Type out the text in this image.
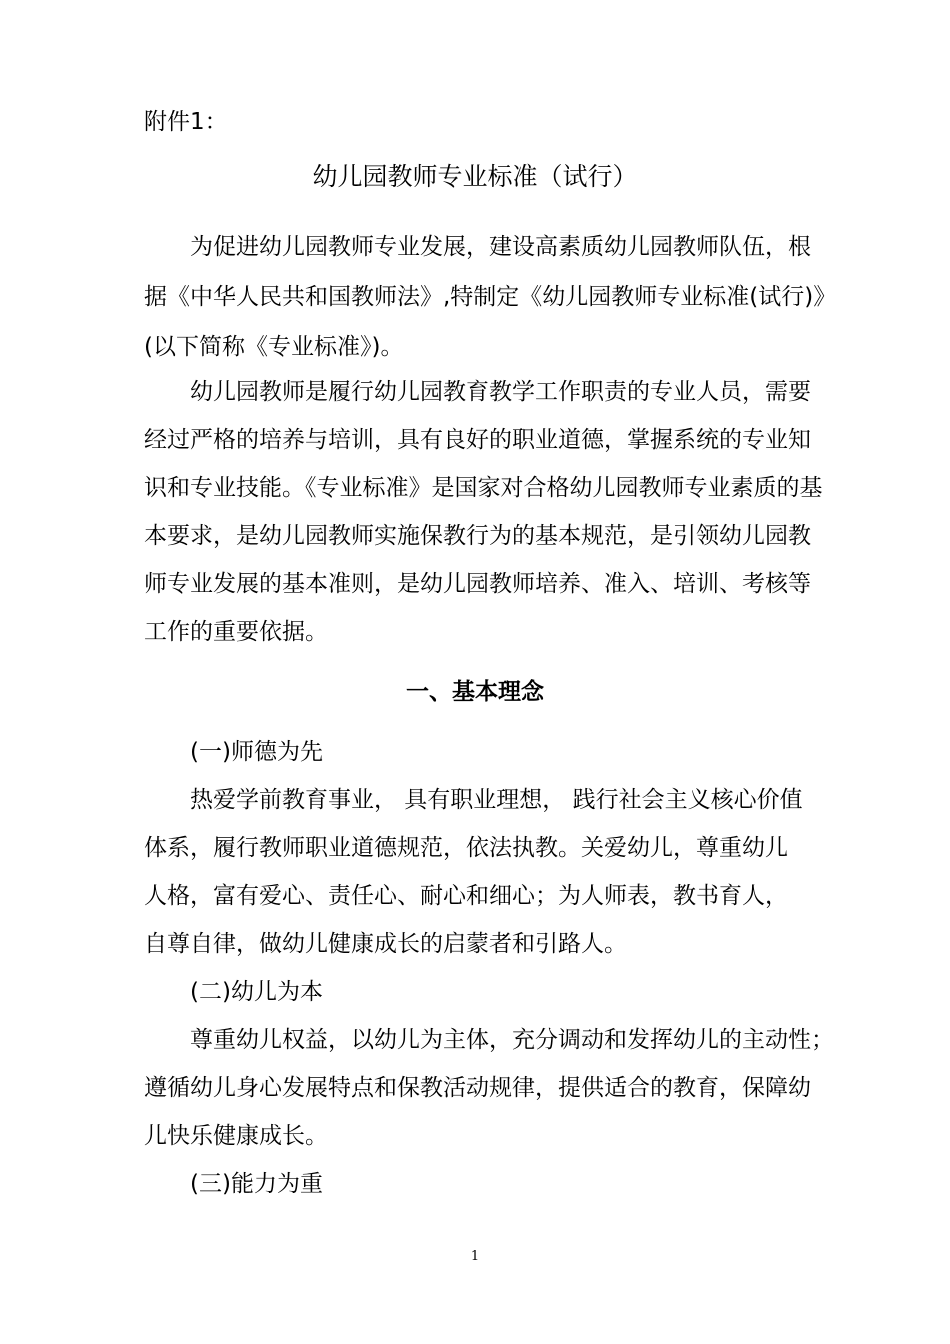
附件1：
幼儿园教师专业标准（试行）
为促进幼儿园教师专业发展，建设高素质幼儿园教师队伍，根
据《中华人民共和国教师法》,特制定《幼儿园教师专业标准(试行)》
(以下简称《专业标准》)。
幼儿园教师是履行幼儿园教育教学工作职责的专业人员，需要
经过严格的培养与培训，具有良好的职业道德，掌握系统的专业知
识和专业技能。《专业标准》是国家对合格幼儿园教师专业素质的基
本要求，是幼儿园教师实施保教行为的基本规范，是引领幼儿园教
师专业发展的基本准则，是幼儿园教师培养、准入、培训、考核等
工作的重要依据。
一、基本理念
(一)师德为先
热爱学前教育事业， 具有职业理想， 践行社会主义核心价值
体系，履行教师职业道德规范，依法执教。关爱幼儿，尊重幼儿
人格，富有爱心、责任心、耐心和细心；为人师表，教书育人，
自尊自律，做幼儿健康成长的启蒙者和引路人。
(二)幼儿为本
尊重幼儿权益，以幼儿为主体，充分调动和发挥幼儿的主动性；
遵循幼儿身心发展特点和保教活动规律，提供适合的教育，保障幼
儿快乐健康成长。
(三)能力为重
1
